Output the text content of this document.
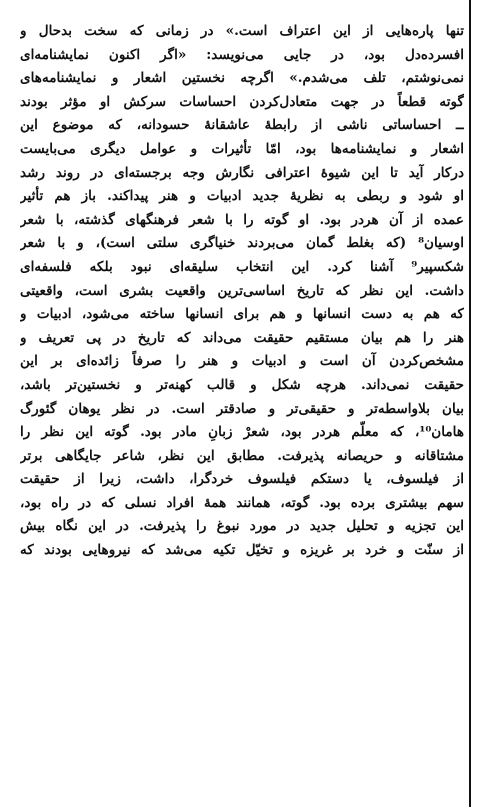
تنها پاره‌هایی از این اعتراف است.» در زمانی که سخت بدحال و
افسرده‌دل بود، در جایی می‌نویسد: «اگر اکنون نمایشنامه‌ای
نمی‌نوشتم، تلف می‌شدم.» اگرچه نخستین اشعار و نمایشنامه‌های
گوته قطعاً در جهت متعادل‌کردن احساسات سرکش او مؤثر بودند
ــ احساساتی ناشی از رابطهٔ عاشقانهٔ حسودانه، که موضوع این
اشعار و نمایشنامه‌ها بود، امّا تأثیرات و عوامل دیگری می‌بایست
درکار آید تا این شیوهٔ اعترافی نگارش وجه برجسته‌ای در روند رشد
او شود و ربطی به نظریهٔ جدید ادبیات و هنر پیداکند. باز هم تأثیر
عمده از آن هردر بود. او گوته را با شعر فرهنگهای گذشته، با شعر
اوسیان⁸ (که بغلط گمان می‌بردند خنیاگری سلتی است)، و با شعر
شکسپیر⁹ آشنا کرد. این انتخاب سلیقه‌ای نبود بلکه فلسفه‌ای
داشت. این نظر که تاریخ اساسی‌ترین واقعیت بشری است، واقعیتی
که هم به دست انسانها و هم برای انسانها ساخته می‌شود، ادبیات و
هنر را هم بیان مستقیم حقیقت می‌داند که تاریخ در پی تعریف و
مشخص‌کردن آن است و ادبیات و هنر را صرفاً زائده‌ای بر این
حقیقت نمی‌داند. هرچه شکل و قالب کهنه‌تر و نخستین‌تر باشد،
بیان بلاواسطه‌تر و حقیقی‌تر و صادقتر است. در نظر یوهان گئورگ
هامان¹⁰، که معلّم هردر بود، شعرْ زبانِ مادر بود. گوته این نظر را
مشتاقانه و حریصانه پذیرفت. مطابق این نظر، شاعر جایگاهی برتر
از فیلسوف، یا دستکم فیلسوف خردگرا، داشت، زیرا از حقیقت
سهم بیشتری برده بود. گوته، همانند همهٔ افراد نسلی که در راه بود،
این تجزیه و تحلیل جدید در مورد نبوغ را پذیرفت. در این نگاه بیش
از سنّت و خرد بر غریزه و تخیّل تکیه می‌شد که نیروهایی بودند که
